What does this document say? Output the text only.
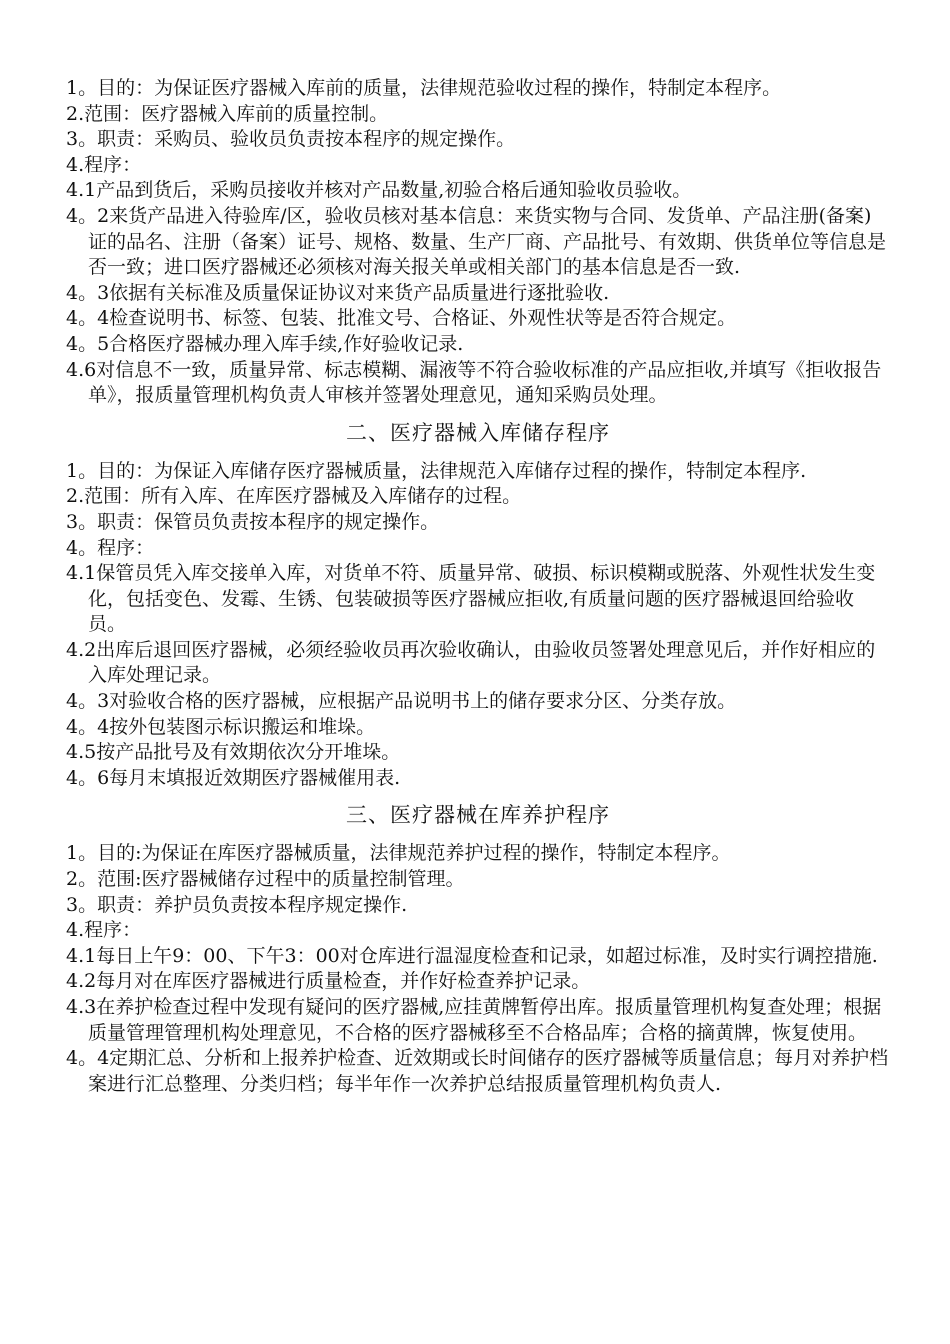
1。目的：为保证医疗器械入库前的质量，法律规范验收过程的操作，特制定本程序。

2.范围：医疗器械入库前的质量控制。

3。职责：采购员、验收员负责按本程序的规定操作。

4.程序：

4.1产品到货后，采购员接收并核对产品数量,初验合格后通知验收员验收。

4。2来货产品进入待验库/区，验收员核对基本信息：来货实物与合同、发货单、产品注册(备案)证的品名、注册（备案）证号、规格、数量、生产厂商、产品批号、有效期、供货单位等信息是否一致；进口医疗器械还必须核对海关报关单或相关部门的基本信息是否一致.

4。3依据有关标准及质量保证协议对来货产品质量进行逐批验收.

4。4检查说明书、标签、包装、批准文号、合格证、外观性状等是否符合规定。

4。5合格医疗器械办理入库手续,作好验收记录.

4.6对信息不一致，质量异常、标志模糊、漏液等不符合验收标准的产品应拒收,并填写《拒收报告单》，报质量管理机构负责人审核并签署处理意见，通知采购员处理。

二、医疗器械入库储存程序

1。目的：为保证入库储存医疗器械质量，法律规范入库储存过程的操作，特制定本程序.

2.范围：所有入库、在库医疗器械及入库储存的过程。

3。职责：保管员负责按本程序的规定操作。

4。程序：

4.1保管员凭入库交接单入库，对货单不符、质量异常、破损、标识模糊或脱落、外观性状发生变化，包括变色、发霉、生锈、包装破损等医疗器械应拒收,有质量问题的医疗器械退回给验收员。

4.2出库后退回医疗器械，必须经验收员再次验收确认，由验收员签署处理意见后，并作好相应的入库处理记录。

4。3对验收合格的医疗器械，应根据产品说明书上的储存要求分区、分类存放。

4。4按外包装图示标识搬运和堆垛。

4.5按产品批号及有效期依次分开堆垛。

4。6每月末填报近效期医疗器械催用表.

三、医疗器械在库养护程序

1。目的:为保证在库医疗器械质量，法律规范养护过程的操作，特制定本程序。

2。范围:医疗器械储存过程中的质量控制管理。

3。职责：养护员负责按本程序规定操作.

4.程序：

4.1每日上午9：00、下午3：00对仓库进行温湿度检查和记录，如超过标准，及时实行调控措施.

4.2每月对在库医疗器械进行质量检查，并作好检查养护记录。

4.3在养护检查过程中发现有疑问的医疗器械,应挂黄牌暂停出库。报质量管理机构复查处理；根据质量管理管理机构处理意见，不合格的医疗器械移至不合格品库；合格的摘黄牌，恢复使用。

4。4定期汇总、分析和上报养护检查、近效期或长时间储存的医疗器械等质量信息；每月对养护档案进行汇总整理、分类归档；每半年作一次养护总结报质量管理机构负责人.
